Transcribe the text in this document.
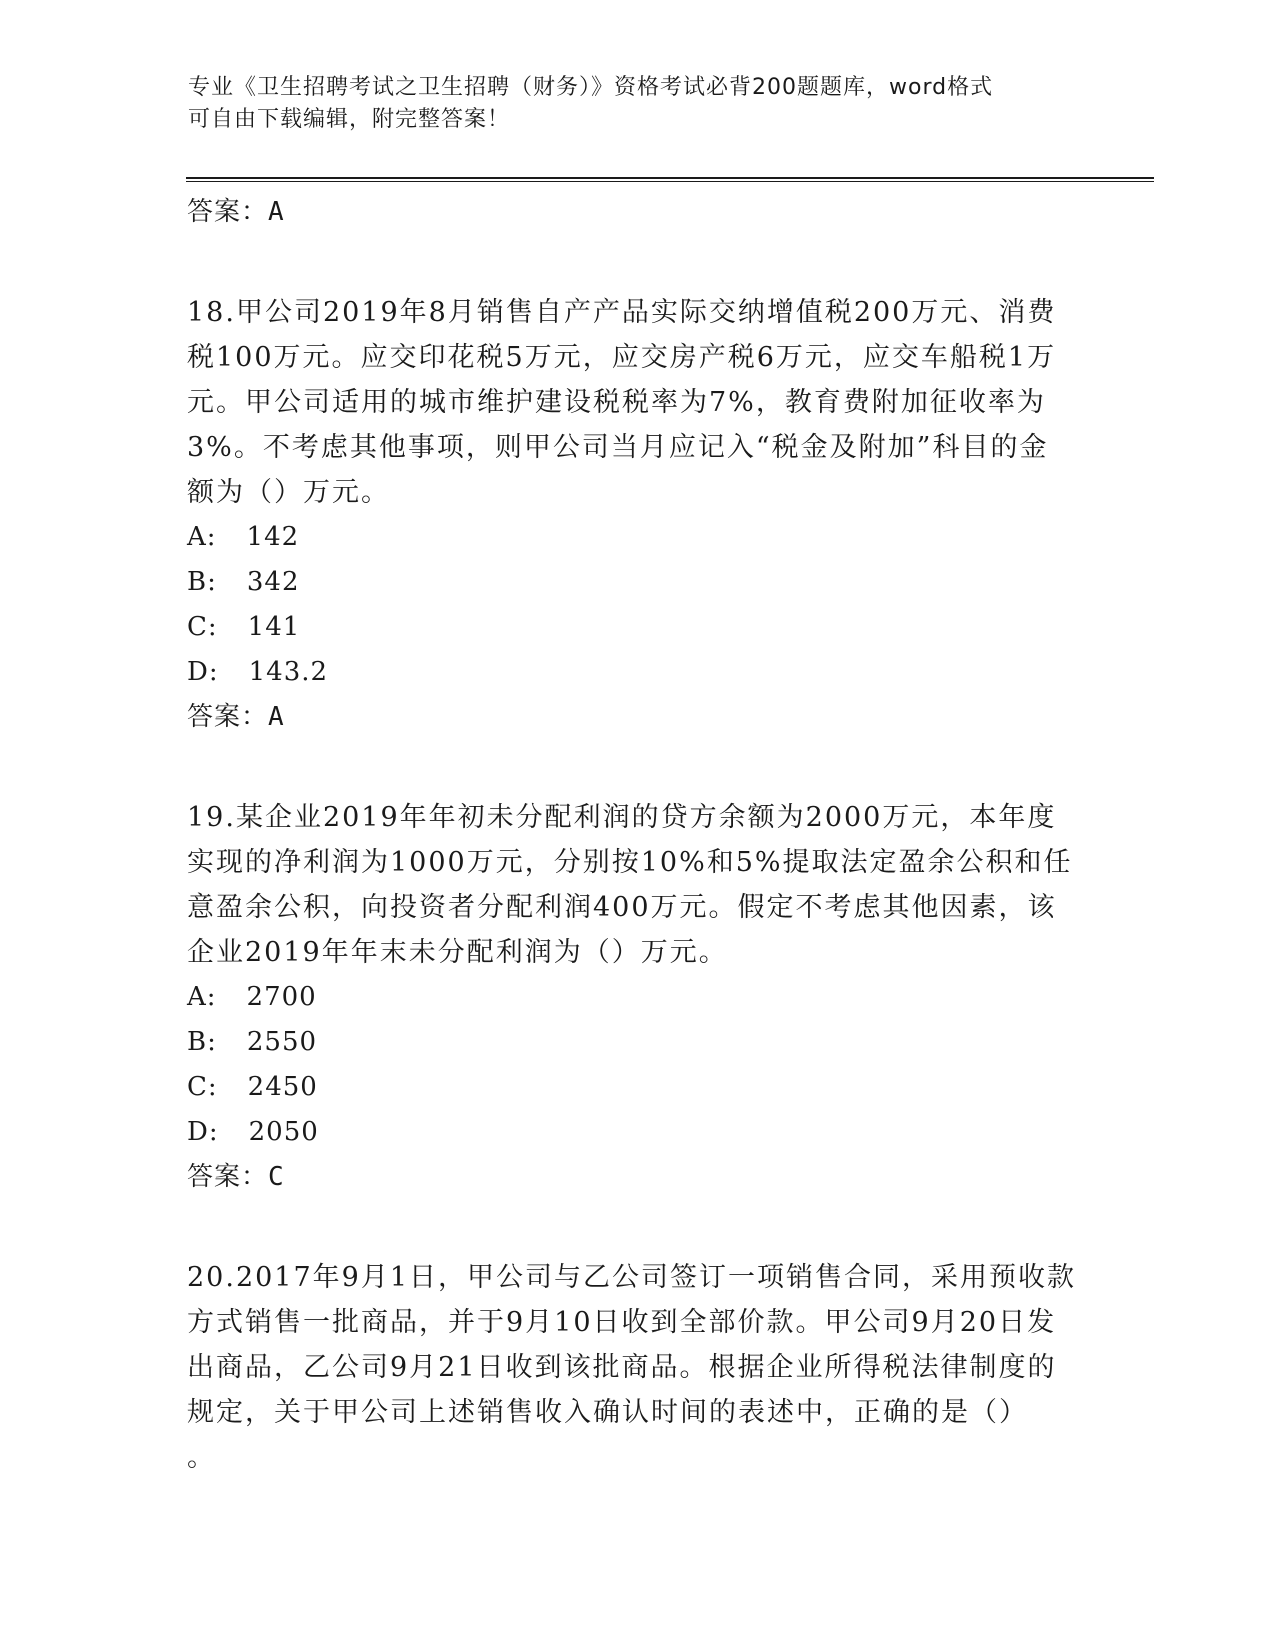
专业《卫生招聘考试之卫生招聘（财务）》资格考试必背200题题库，word格式
可自由下载编辑，附完整答案！
答案：A
18.甲公司2019年8月销售自产产品实际交纳增值税200万元、消费税100万元。应交印花税5万元，应交房产税6万元，应交车船税1万元。甲公司适用的城市维护建设税税率为7%，教育费附加征收率为3%。不考虑其他事项，则甲公司当月应记入“税金及附加”科目的金额为（）万元。
A: 142
B: 342
C: 141
D: 143.2
答案：A
19.某企业2019年年初未分配利润的贷方余额为2000万元，本年度实现的净利润为1000万元，分别按10%和5%提取法定盈余公积和任意盈余公积，向投资者分配利润400万元。假定不考虑其他因素，该企业2019年年末未分配利润为（）万元。
A: 2700
B: 2550
C: 2450
D: 2050
答案：C
20.2017年9月1日，甲公司与乙公司签订一项销售合同，采用预收款方式销售一批商品，并于9月10日收到全部价款。甲公司9月20日发出商品，乙公司9月21日收到该批商品。根据企业所得税法律制度的规定，关于甲公司上述销售收入确认时间的表述中，正确的是（）
。
